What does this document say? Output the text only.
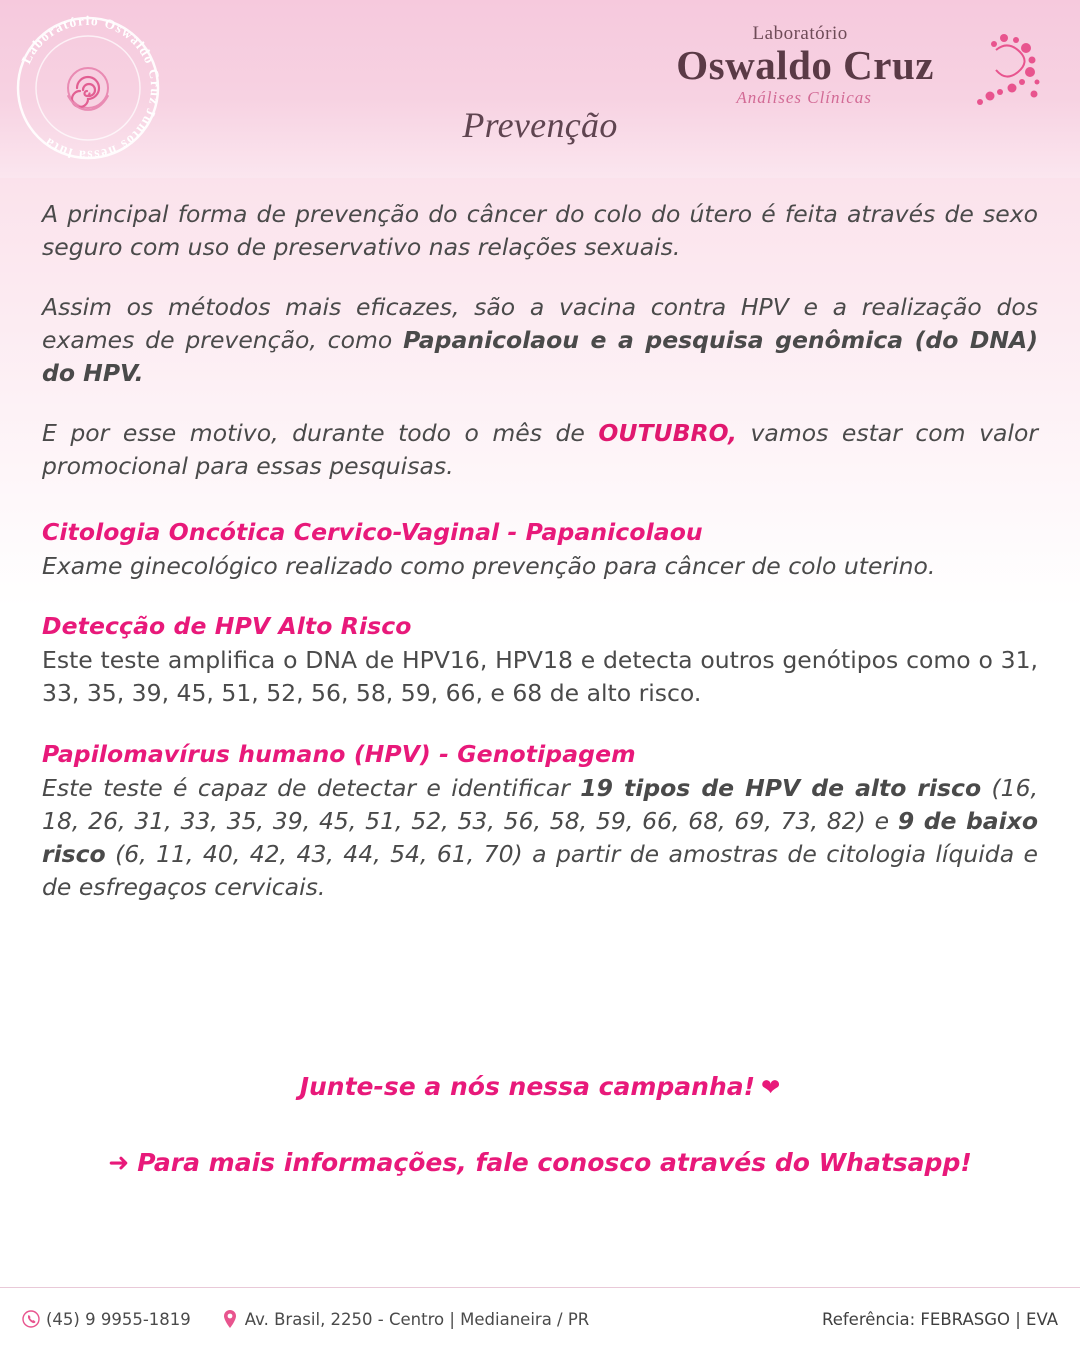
Laboratório Oswaldo Cruz
Juntos nessa luta
Laboratório
Oswaldo Cruz
Análises Clínicas
Prevenção

A principal forma de prevenção do câncer do colo do útero é feita através de sexo seguro com uso de preservativo nas relações sexuais.

Assim os métodos mais eficazes, são a vacina contra HPV e a realização dos exames de prevenção, como Papanicolaou e a pesquisa genômica (do DNA) do HPV.

E por esse motivo, durante todo o mês de OUTUBRO, vamos estar com valor promocional para essas pesquisas.

Citologia Oncótica Cervico-Vaginal - Papanicolaou
Exame ginecológico realizado como prevenção para câncer de colo uterino.
Detecção de HPV Alto Risco
Este teste amplifica o DNA de HPV16, HPV18 e detecta outros genótipos como o 31, 33, 35, 39, 45, 51, 52, 56, 58, 59, 66, e 68 de alto risco.
Papilomavírus humano (HPV) - Genotipagem
Este teste é capaz de detectar e identificar 19 tipos de HPV de alto risco (16, 18, 26, 31, 33, 35, 39, 45, 51, 52, 53, 56, 58, 59, 66, 68, 69, 73, 82) e 9 de baixo risco (6, 11, 40, 42, 43, 44, 54, 61, 70) a partir de amostras de citologia líquida e de esfregaços cervicais.
Junte-se a nós nessa campanha! ❤
➜ Para mais informações, fale conosco através do Whatsapp!
(45) 9 9955-1819	Av. Brasil, 2250 - Centro | Medianeira / PR	Referência: FEBRASGO | EVA
